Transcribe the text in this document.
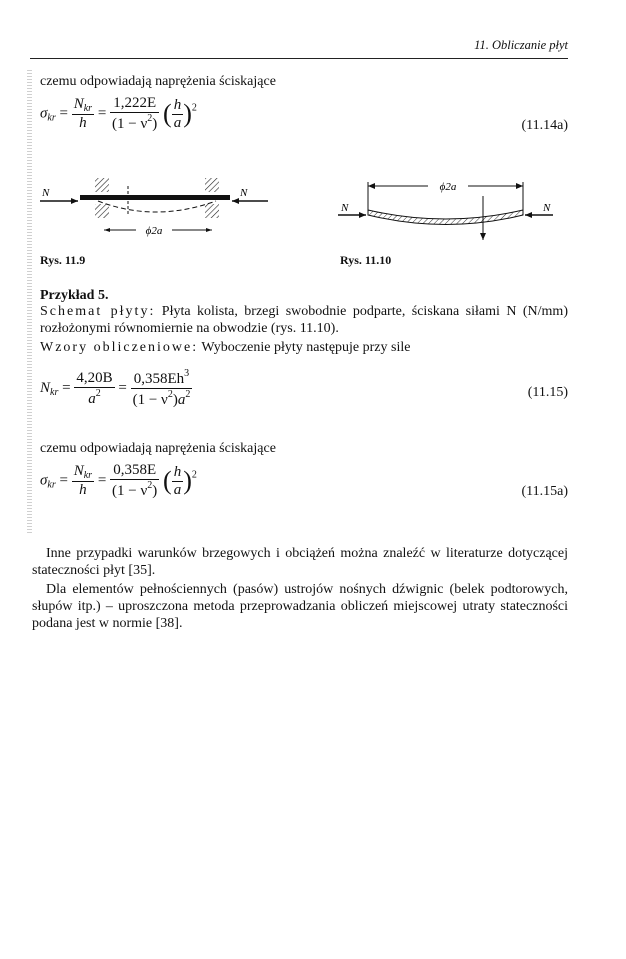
11. Obliczanie płyt
czemu odpowiadają naprężenia ściskające
$\sigma_{kr} = \frac{N_{kr}}{h} = \frac{1,222E}{(1 - \nu^2)}$ ( $\frac{h}{a} )^2$
(11.14a)
N	N
ϕ2a
Rys. 11.9
ϕ2a
N	N
Rys. 11.10
Przykład 5.
Schemat płyty: Płyta kolista, brzegi swobodnie podparte, ściskana siłami N (N/mm) rozłożonymi równomiernie na obwodzie (rys. 11.10).
Wzory obliczeniowe: Wyboczenie płyty następuje przy sile
$N_{kr} = \frac{4,20B}{a^2} = \frac{0,358Eh^3}{(1 - \nu^2)a^2}$	(11.15)
czemu odpowiadają naprężenia ściskające
$\sigma_{kr} = \frac{N_{kr}}{h} = \frac{0,358E}{(1 - \nu^2)}$ ( $\frac{h}{a} )^2$
(11.15a)
Inne przypadki warunków brzegowych i obciążeń można znaleźć w literaturze dotyczącej stateczności płyt [35].
Dla elementów pełnościennych (pasów) ustrojów nośnych dźwignic (belek podtorowych, słupów itp.) – uproszczona metoda przeprowadzania obliczeń miejscowej utraty stateczności podana jest w normie [38].
